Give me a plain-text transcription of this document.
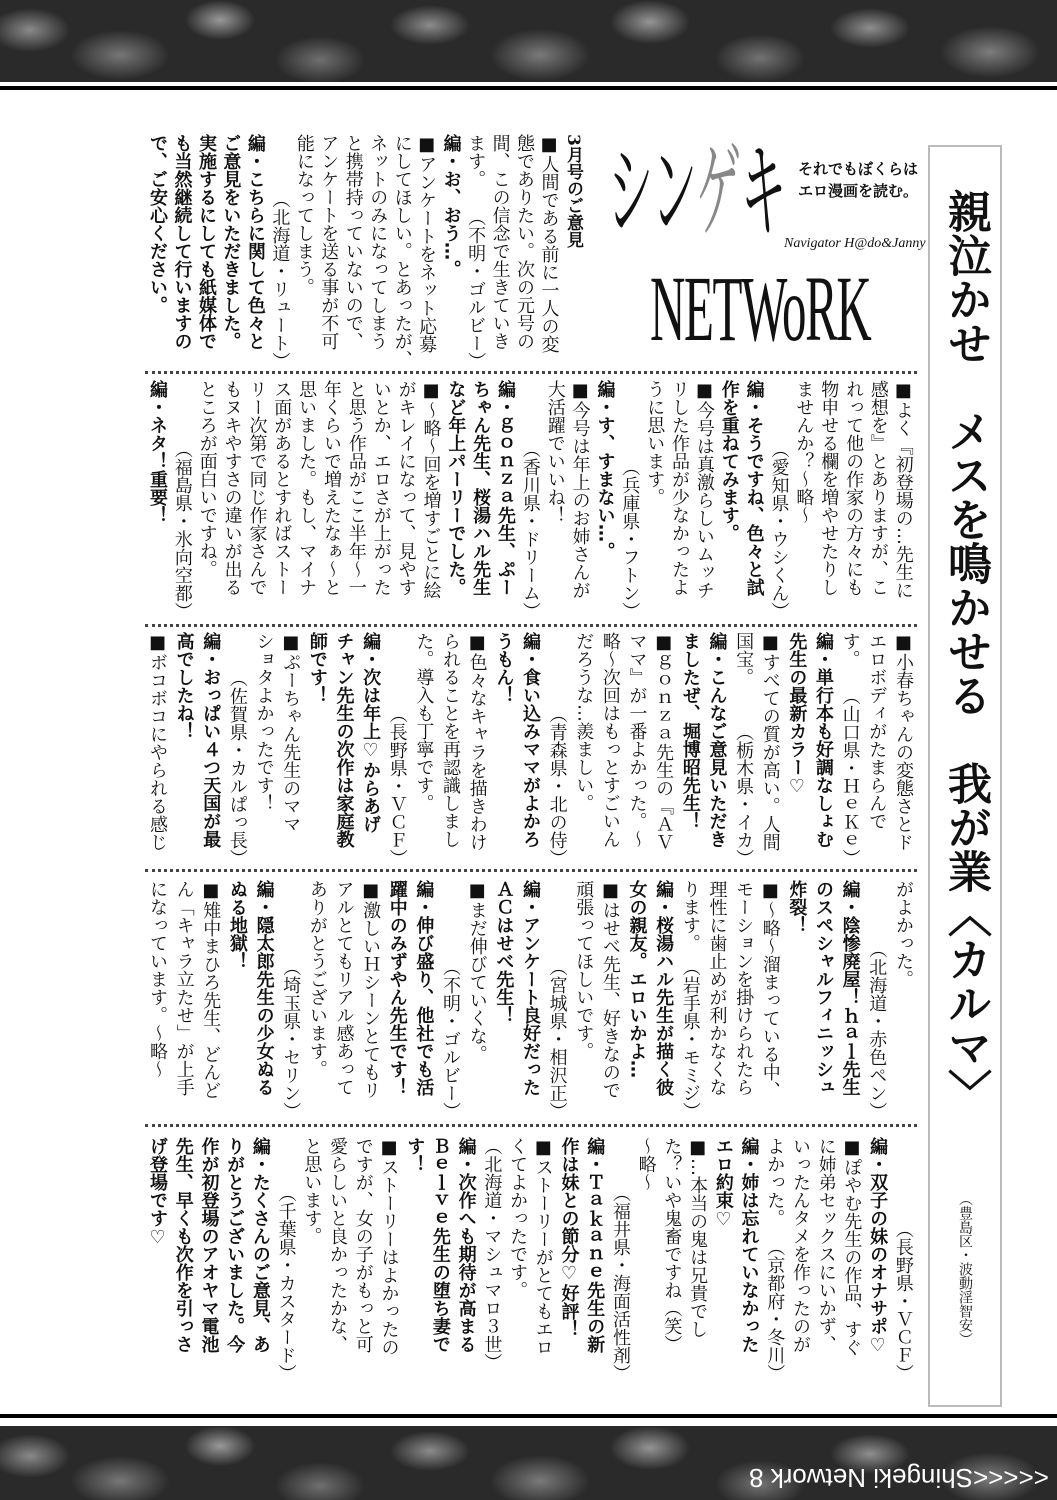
シンゲキ
NETWoRK
それでもぼくらは
エロ漫画を読む。
Navigator H@do&Janny 親泣かせ　メスを鳴かせる　我が業〈カルマ〉
（豊島区・波動淫智安）
3月号のご意見
■人間である前に一人の変
態でありたい。次の元号の
間、この信念で生きていき
ます。
（不明・ゴルビー）
編・お、おう…。
■アンケートをネット応募
にしてほしい。とあったが、
ネットのみになってしまう
と携帯持っていないので、
アンケートを送る事が不可
能になってしまう。
（北海道・リュート）
編・こちらに関して色々と
ご意見をいただきました。
実施するにしても紙媒体で
も当然継続して行いますの
で、ご安心ください。
■よく『初登場の…先生に
感想を』とありますが、こ
れって他の作家の方々にも
物申せる欄を増やせたりし
ませんか？～略～
（愛知県・ウシくん）
編・そうですね、色々と試
作を重ねてみます。
■今号は真激らしいムッチ
リした作品が少なかったよ
うに思います。
（兵庫県・フトン）
編・す、すまない…。
■今号は年上のお姉さんが
大活躍でいいね！
（香川県・ドリーム）
編・ｇｏｎｚａ先生、ぷー
ちゃん先生、桜湯ハル先生
など年上パーリーでした。
■～略～回を増すごとに絵
がキレイになって、見やす
いとか、エロさが上がった
と思う作品がここ半年～一
年くらいで増えたなぁ～と
思いました。もし、マイナ
ス面があるとすればストー
リー次第で同じ作家さんで
もヌキやすさの違いが出る
ところが面白いですね。
（福島県・氷向空都）
編・ネタ！重要！
■小春ちゃんの変態さとド
エロボディがたまらんで
す。
（山口県・ＨｅＫｅ）
編・単行本も好調なしょむ
先生の最新カラー♡
■すべての質が高い。人間
国宝。
（栃木県・イカ）
編・こんなご意見いただき
ましたぜ、堀博昭先生！
■ｇｏｎｚａ先生の『ＡＶ
ママ』が一番よかった。～
略～次回はもっとすごいん
だろうな…羨ましい。
（青森県・北の侍）
編・食い込みママがよかろ
うもん！
■色々なキャラを描きわけ
られることを再認識しまし
た。導入も丁寧です。
（長野県・ＶＣＦ）
編・次は年上♡からあげ
チャン先生の次作は家庭教
師です！
■ぷーちゃん先生のママ
ショタよかったです！
（佐賀県・カルぱっ長）
編・おっぱい４つ天国が最
高でしたね！
■ボコボコにやられる感じ
がよかった。
（北海道・赤色ペン）
編・陰惨廃屋！ｈａｌ先生
のスペシャルフィニッシュ
炸裂！
■～略～溜まっている中、
モーションを掛けられたら
理性に歯止めが利かなくな
ります。
（岩手県・モミジ）
編・桜湯ハル先生が描く彼
女の親友。エロいかよ…
■はせべ先生、好きなので
頑張ってほしいです。
（宮城県・相沢正）
編・アンケート良好だった
ＡＣはせべ先生！
■まだ伸びていくな。
（不明・ゴルビー）
編・伸び盛り、他社でも活
躍中のみずやん先生です！
■激しいＨシーンとてもリ
アルとてもリアル感あって
ありがとうございます。
（埼玉県・セリン）
編・隠太郎先生の少女ぬる
ぬる地獄！
■雉中まひろ先生、どんど
ん「キャラ立たせ」が上手
になっています。～略～
（長野県・ＶＣＦ）
編・双子の妹のオナサポ♡
■ぽやむ先生の作品、すぐ
に姉弟セックスにいかず、
いったんタメを作ったのが
よかった。
（京都府・冬川）
編・姉は忘れていなかった
エロ約束♡
■…本当の鬼は兄貴でし
た？いや鬼畜ですね（笑）
～略～
（福井県・海面活性剤）
編・Ｔａｋａｎｅ先生の新
作は妹との節分♡好評！
■ストーリーがとてもエロ
くてよかったです。
（北海道・マシュマロ３世）
編・次作へも期待が高まる
Ｂｅｌｖｅ先生の堕ち妻で
す！
■ストーリーはよかったの
ですが、女の子がもっと可
愛らしいと良かったかな、
と思います。
（千葉県・カスタード）
編・たくさんのご意見、あ
りがとうございました。今
作が初登場のアオヤマ電池
先生、早くも次作を引っさ
げ登場です♡
<<<<<Shingeki Network 8
